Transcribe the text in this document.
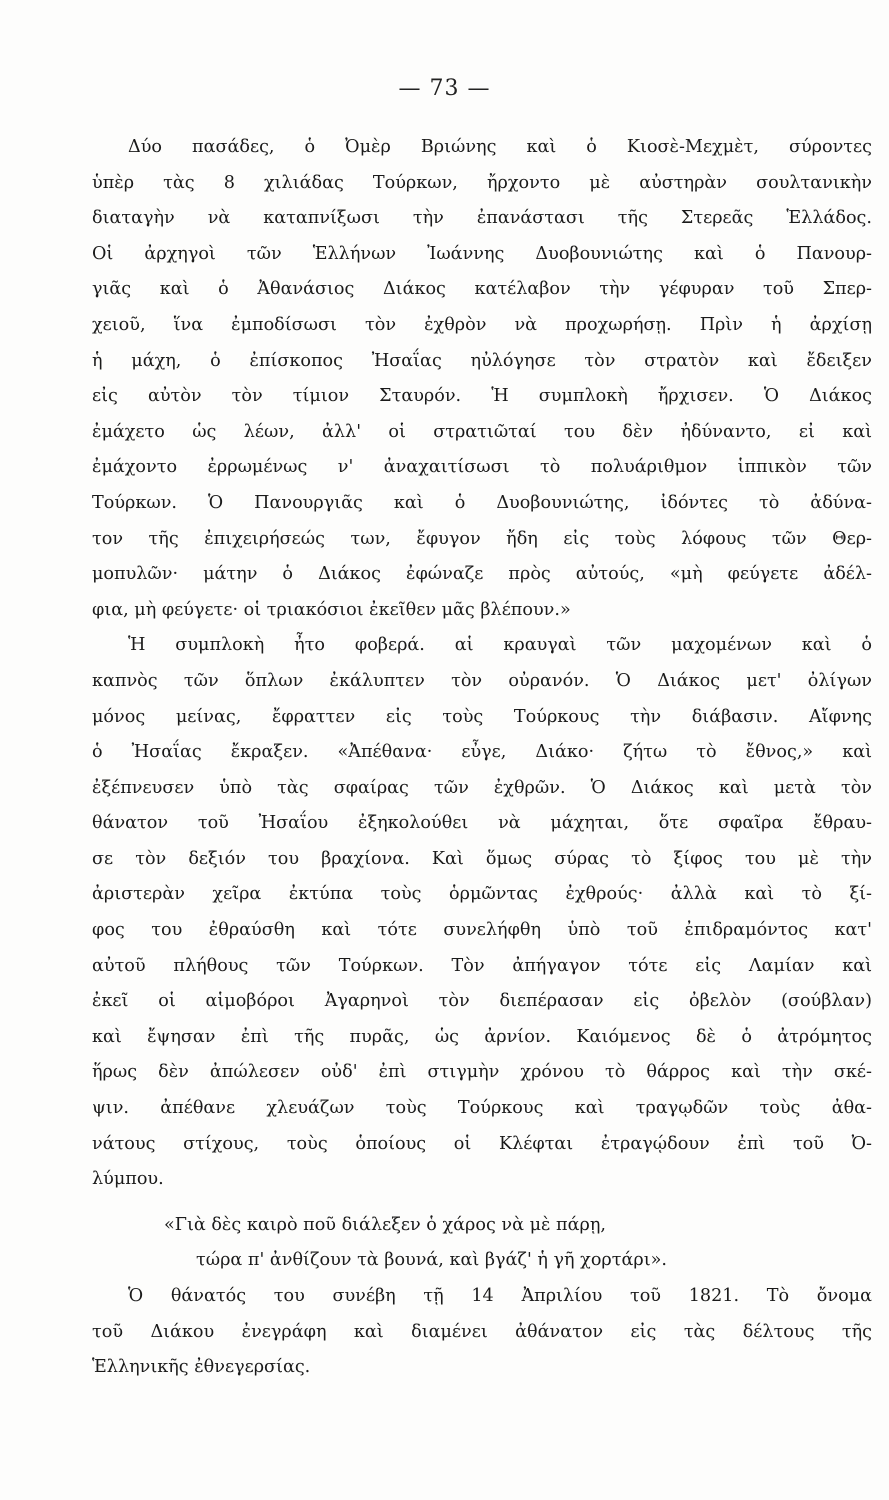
— 73 —
Δύο πασάδες, ὁ Ὀμὲρ Βριώνης καὶ ὁ Κιοσὲ-Μεχμὲτ, σύροντες
ὑπὲρ τὰς 8 χιλιάδας Τούρκων, ἤρχοντο μὲ αὐστηρὰν σουλτανικὴν
διαταγὴν νὰ καταπνίξωσι τὴν ἐπανάστασι τῆς Στερεᾶς Ἑλλάδος.
Οἱ ἀρχηγοὶ τῶν Ἑλλήνων Ἰωάννης Δυοβουνιώτης καὶ ὁ Πανουρ-
γιᾶς καὶ ὁ Ἀθανάσιος Διάκος κατέλαβον τὴν γέφυραν τοῦ Σπερ-
χειοῦ, ἵνα ἐμποδίσωσι τὸν ἐχθρὸν νὰ προχωρήσῃ. Πρὶν ἡ ἀρχίσῃ
ἡ μάχη, ὁ ἐπίσκοπος Ἠσαΐας ηὐλόγησε τὸν στρατὸν καὶ ἔδειξεν
εἰς αὐτὸν τὸν τίμιον Σταυρόν. Ἡ συμπλοκὴ ἤρχισεν. Ὁ Διάκος
ἐμάχετο ὡς λέων, ἀλλ' οἱ στρατιῶταί του δὲν ἠδύναντο, εἰ καὶ
ἐμάχοντο ἐρρωμένως ν' ἀναχαιτίσωσι τὸ πολυάριθμον ἱππικὸν τῶν
Τούρκων. Ὁ Πανουργιᾶς καὶ ὁ Δυοβουνιώτης, ἰδόντες τὸ ἀδύνα-
τον τῆς ἐπιχειρήσεώς των, ἔφυγον ἤδη εἰς τοὺς λόφους τῶν Θερ-
μοπυλῶν· μάτην ὁ Διάκος ἐφώναζε πρὸς αὐτούς, «μὴ φεύγετε ἀδέλ-
φια, μὴ φεύγετε· οἱ τριακόσιοι ἐκεῖθεν μᾶς βλέπουν.»
Ἡ συμπλοκὴ ἦτο φοβερά. αἱ κραυγαὶ τῶν μαχομένων καὶ ὁ
καπνὸς τῶν ὅπλων ἐκάλυπτεν τὸν οὐρανόν. Ὁ Διάκος μετ' ὀλίγων
μόνος μείνας, ἔφραττεν εἰς τοὺς Τούρκους τὴν διάβασιν. Αἴφνης
ὁ Ἠσαΐας ἔκραξεν. «Ἀπέθανα· εὖγε, Διάκο· ζήτω τὸ ἔθνος,» καὶ
ἐξέπνευσεν ὑπὸ τὰς σφαίρας τῶν ἐχθρῶν. Ὁ Διάκος καὶ μετὰ τὸν
θάνατον τοῦ Ἠσαΐου ἐξηκολούθει νὰ μάχηται, ὅτε σφαῖρα ἔθραυ-
σε τὸν δεξιόν του βραχίονα. Καὶ ὅμως σύρας τὸ ξίφος του μὲ τὴν
ἀριστερὰν χεῖρα ἐκτύπα τοὺς ὁρμῶντας ἐχθρούς· ἀλλὰ καὶ τὸ ξί-
φος του ἐθραύσθη καὶ τότε συνελήφθη ὑπὸ τοῦ ἐπιδραμόντος κατ'
αὐτοῦ πλήθους τῶν Τούρκων. Τὸν ἀπήγαγον τότε εἰς Λαμίαν καὶ
ἐκεῖ οἱ αἱμοβόροι Ἀγαρηνοὶ τὸν διεπέρασαν εἰς ὀβελὸν (σούβλαν)
καὶ ἔψησαν ἐπὶ τῆς πυρᾶς, ὡς ἀρνίον. Καιόμενος δὲ ὁ ἀτρόμητος
ἥρως δὲν ἀπώλεσεν οὐδ' ἐπὶ στιγμὴν χρόνου τὸ θάρρος καὶ τὴν σκέ-
ψιν. ἀπέθανε χλευάζων τοὺς Τούρκους καὶ τραγῳδῶν τοὺς ἀθα-
νάτους στίχους, τοὺς ὁποίους οἱ Κλέφται ἐτραγῴδουν ἐπὶ τοῦ Ὀ-
λύμπου.
«Γιὰ δὲς καιρὸ ποῦ διάλεξεν ὁ χάρος νὰ μὲ πάρῃ,
τώρα π' ἀνθίζουν τὰ βουνά, καὶ βγάζ' ἡ γῆ χορτάρι».
Ὁ θάνατός του συνέβη τῇ 14 Ἀπριλίου τοῦ 1821. Τὸ ὄνομα
τοῦ Διάκου ἐνεγράφη καὶ διαμένει ἀθάνατον εἰς τὰς δέλτους τῆς
Ἑλληνικῆς ἐθνεγερσίας.
